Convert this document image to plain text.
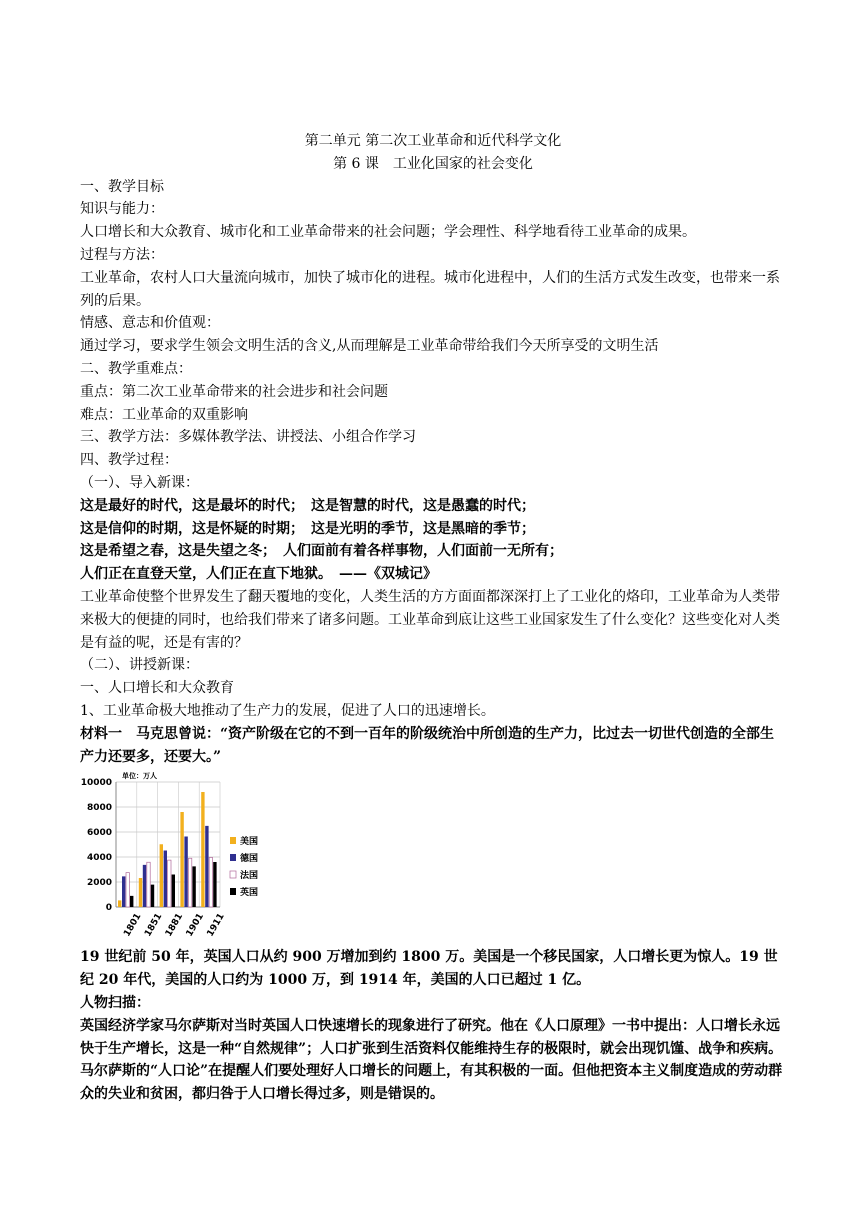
第二单元 第二次工业革命和近代科学文化

第 6 课　工业化国家的社会变化

一、教学目标

知识与能力：

人口增长和大众教育、城市化和工业革命带来的社会问题；学会理性、科学地看待工业革命的成果。

过程与方法：

工业革命，农村人口大量流向城市，加快了城市化的进程。城市化进程中，人们的生活方式发生改变，也带来一系列的后果。

情感、意志和价值观：

通过学习，要求学生领会文明生活的含义,从而理解是工业革命带给我们今天所享受的文明生活

二、教学重难点：

重点：第二次工业革命带来的社会进步和社会问题

难点：工业革命的双重影响

三、教学方法：多媒体教学法、讲授法、小组合作学习

四、教学过程：

（一）、导入新课：

这是最好的时代，这是最坏的时代；　这是智慧的时代，这是愚蠢的时代；

这是信仰的时期，这是怀疑的时期；　这是光明的季节，这是黑暗的季节；

这是希望之春，这是失望之冬；　人们面前有着各样事物，人们面前一无所有；

人们正在直登天堂，人们正在直下地狱。　——《双城记》

工业革命使整个世界发生了翻天覆地的变化，人类生活的方方面面都深深打上了工业化的烙印，工业革命为人类带来极大的便捷的同时，也给我们带来了诸多问题。工业革命到底让这些工业国家发生了什么变化？这些变化对人类是有益的呢，还是有害的？

（二）、讲授新课：

一、人口增长和大众教育

1、工业革命极大地推动了生产力的发展，促进了人口的迅速增长。

材料一　马克思曾说：“资产阶级在它的不到一百年的阶级统治中所创造的生产力，比过去一切世代创造的全部生产力还要多，还要大。”

单位：万人
10000
8000
6000
4000
2000
0
1801 1851 1881 1901 1911
美国
德国
法国
英国

19 世纪前 50 年，英国人口从约 900 万增加到约 1800 万。美国是一个移民国家，人口增长更为惊人。19 世纪 20 年代，美国的人口约为 1000 万，到 1914 年，美国的人口已超过 1 亿。

人物扫描：

英国经济学家马尔萨斯对当时英国人口快速增长的现象进行了研究。他在《人口原理》一书中提出：人口增长永远快于生产增长，这是一种“自然规律”；人口扩张到生活资料仅能维持生存的极限时，就会出现饥馑、战争和疾病。马尔萨斯的“人口论”在提醒人们要处理好人口增长的问题上，有其积极的一面。但他把资本主义制度造成的劳动群众的失业和贫困，都归咎于人口增长得过多，则是错误的。
